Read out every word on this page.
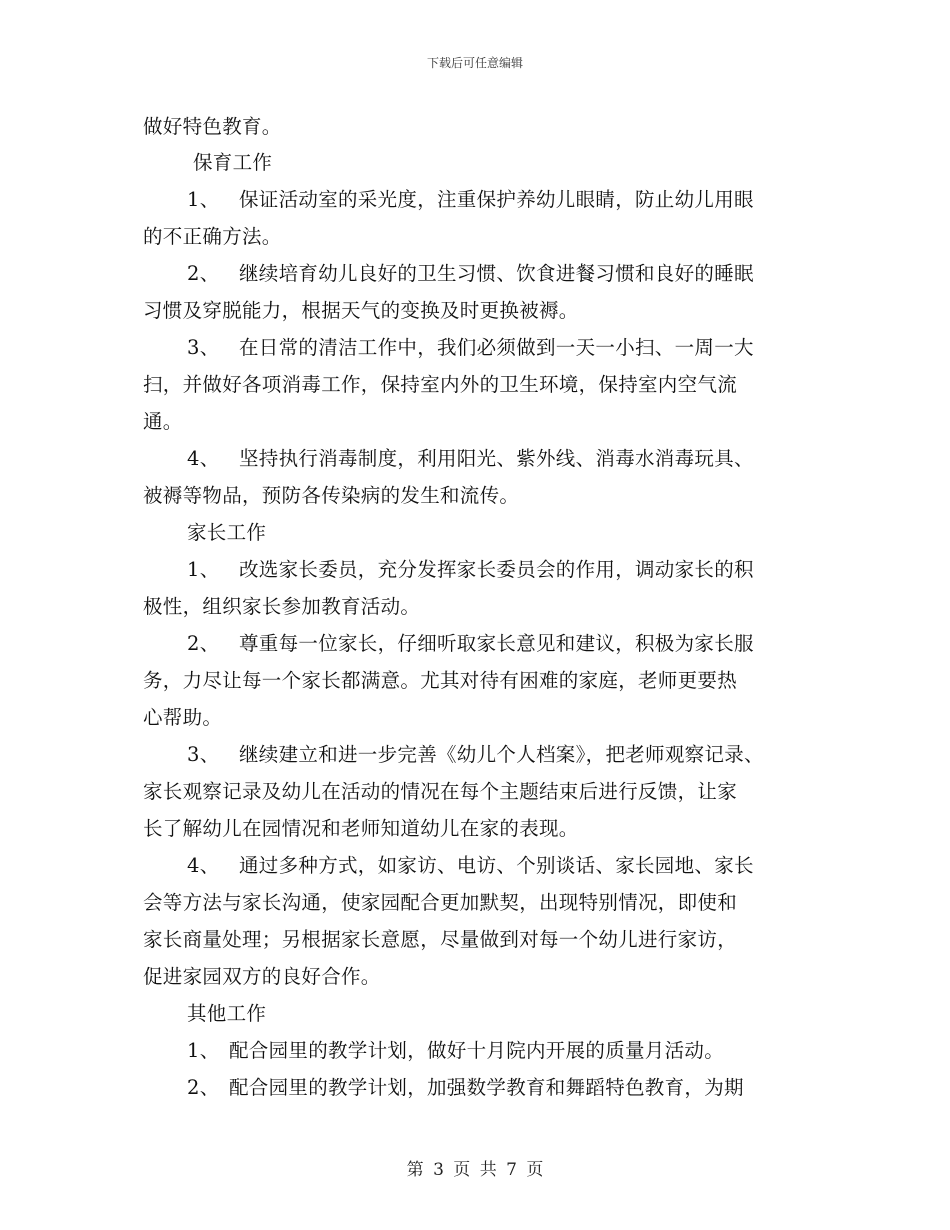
下载后可任意编辑
做好特色教育。
保育工作
1、 保证活动室的采光度，注重保护养幼儿眼睛，防止幼儿用眼
的不正确方法。
2、 继续培育幼儿良好的卫生习惯、饮食进餐习惯和良好的睡眠
习惯及穿脱能力，根据天气的变换及时更换被褥。
3、 在日常的清洁工作中，我们必须做到一天一小扫、一周一大
扫，并做好各项消毒工作，保持室内外的卫生环境，保持室内空气流
通。
4、 坚持执行消毒制度，利用阳光、紫外线、消毒水消毒玩具、
被褥等物品，预防各传染病的发生和流传。
家长工作
1、 改选家长委员，充分发挥家长委员会的作用，调动家长的积
极性，组织家长参加教育活动。
2、 尊重每一位家长，仔细听取家长意见和建议，积极为家长服
务，力尽让每一个家长都满意。尤其对待有困难的家庭，老师更要热
心帮助。
3、 继续建立和进一步完善《幼儿个人档案》，把老师观察记录、
家长观察记录及幼儿在活动的情况在每个主题结束后进行反馈，让家
长了解幼儿在园情况和老师知道幼儿在家的表现。
4、 通过多种方式，如家访、电访、个别谈话、家长园地、家长
会等方法与家长沟通，使家园配合更加默契，出现特别情况，即使和
家长商量处理；另根据家长意愿，尽量做到对每一个幼儿进行家访，
促进家园双方的良好合作。
其他工作
1、 配合园里的教学计划，做好十月院内开展的质量月活动。
2、 配合园里的教学计划，加强数学教育和舞蹈特色教育，为期
第 3 页 共 7 页
